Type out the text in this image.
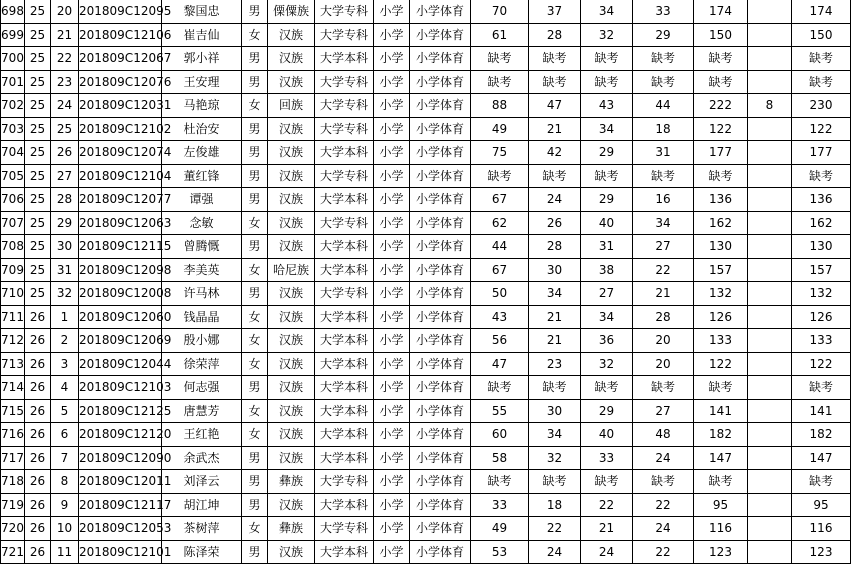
698	25	20	201809C12095	黎国忠	男	傈僳族	大学专科	小学	小学体育	70	37	34	33	174		174
699	25	21	201809C12106	崔吉仙	女	汉族	大学专科	小学	小学体育	61	28	32	29	150		150
700	25	22	201809C12067	郭小祥	男	汉族	大学本科	小学	小学体育	缺考	缺考	缺考	缺考	缺考		缺考
701	25	23	201809C12076	王安理	男	汉族	大学专科	小学	小学体育	缺考	缺考	缺考	缺考	缺考		缺考
702	25	24	201809C12031	马艳琼	女	回族	大学专科	小学	小学体育	88	47	43	44	222	8	230
703	25	25	201809C12102	杜治安	男	汉族	大学专科	小学	小学体育	49	21	34	18	122		122
704	25	26	201809C12074	左俊雄	男	汉族	大学本科	小学	小学体育	75	42	29	31	177		177
705	25	27	201809C12104	董红锋	男	汉族	大学专科	小学	小学体育	缺考	缺考	缺考	缺考	缺考		缺考
706	25	28	201809C12077	谭强	男	汉族	大学本科	小学	小学体育	67	24	29	16	136		136
707	25	29	201809C12063	念敏	女	汉族	大学专科	小学	小学体育	62	26	40	34	162		162
708	25	30	201809C12115	曾腾慨	男	汉族	大学本科	小学	小学体育	44	28	31	27	130		130
709	25	31	201809C12098	李美英	女	哈尼族	大学本科	小学	小学体育	67	30	38	22	157		157
710	25	32	201809C12008	许马林	男	汉族	大学专科	小学	小学体育	50	34	27	21	132		132
711	26	1	201809C12060	钱晶晶	女	汉族	大学本科	小学	小学体育	43	21	34	28	126		126
712	26	2	201809C12069	殷小娜	女	汉族	大学本科	小学	小学体育	56	21	36	20	133		133
713	26	3	201809C12044	徐荣萍	女	汉族	大学本科	小学	小学体育	47	23	32	20	122		122
714	26	4	201809C12103	何志强	男	汉族	大学本科	小学	小学体育	缺考	缺考	缺考	缺考	缺考		缺考
715	26	5	201809C12125	唐慧芳	女	汉族	大学本科	小学	小学体育	55	30	29	27	141		141
716	26	6	201809C12120	王红艳	女	汉族	大学本科	小学	小学体育	60	34	40	48	182		182
717	26	7	201809C12090	余武杰	男	汉族	大学本科	小学	小学体育	58	32	33	24	147		147
718	26	8	201809C12011	刘泽云	男	彝族	大学专科	小学	小学体育	缺考	缺考	缺考	缺考	缺考		缺考
719	26	9	201809C12117	胡江坤	男	汉族	大学本科	小学	小学体育	33	18	22	22	95		95
720	26	10	201809C12053	茶树萍	女	彝族	大学专科	小学	小学体育	49	22	21	24	116		116
721	26	11	201809C12101	陈泽荣	男	汉族	大学本科	小学	小学体育	53	24	24	22	123		123
